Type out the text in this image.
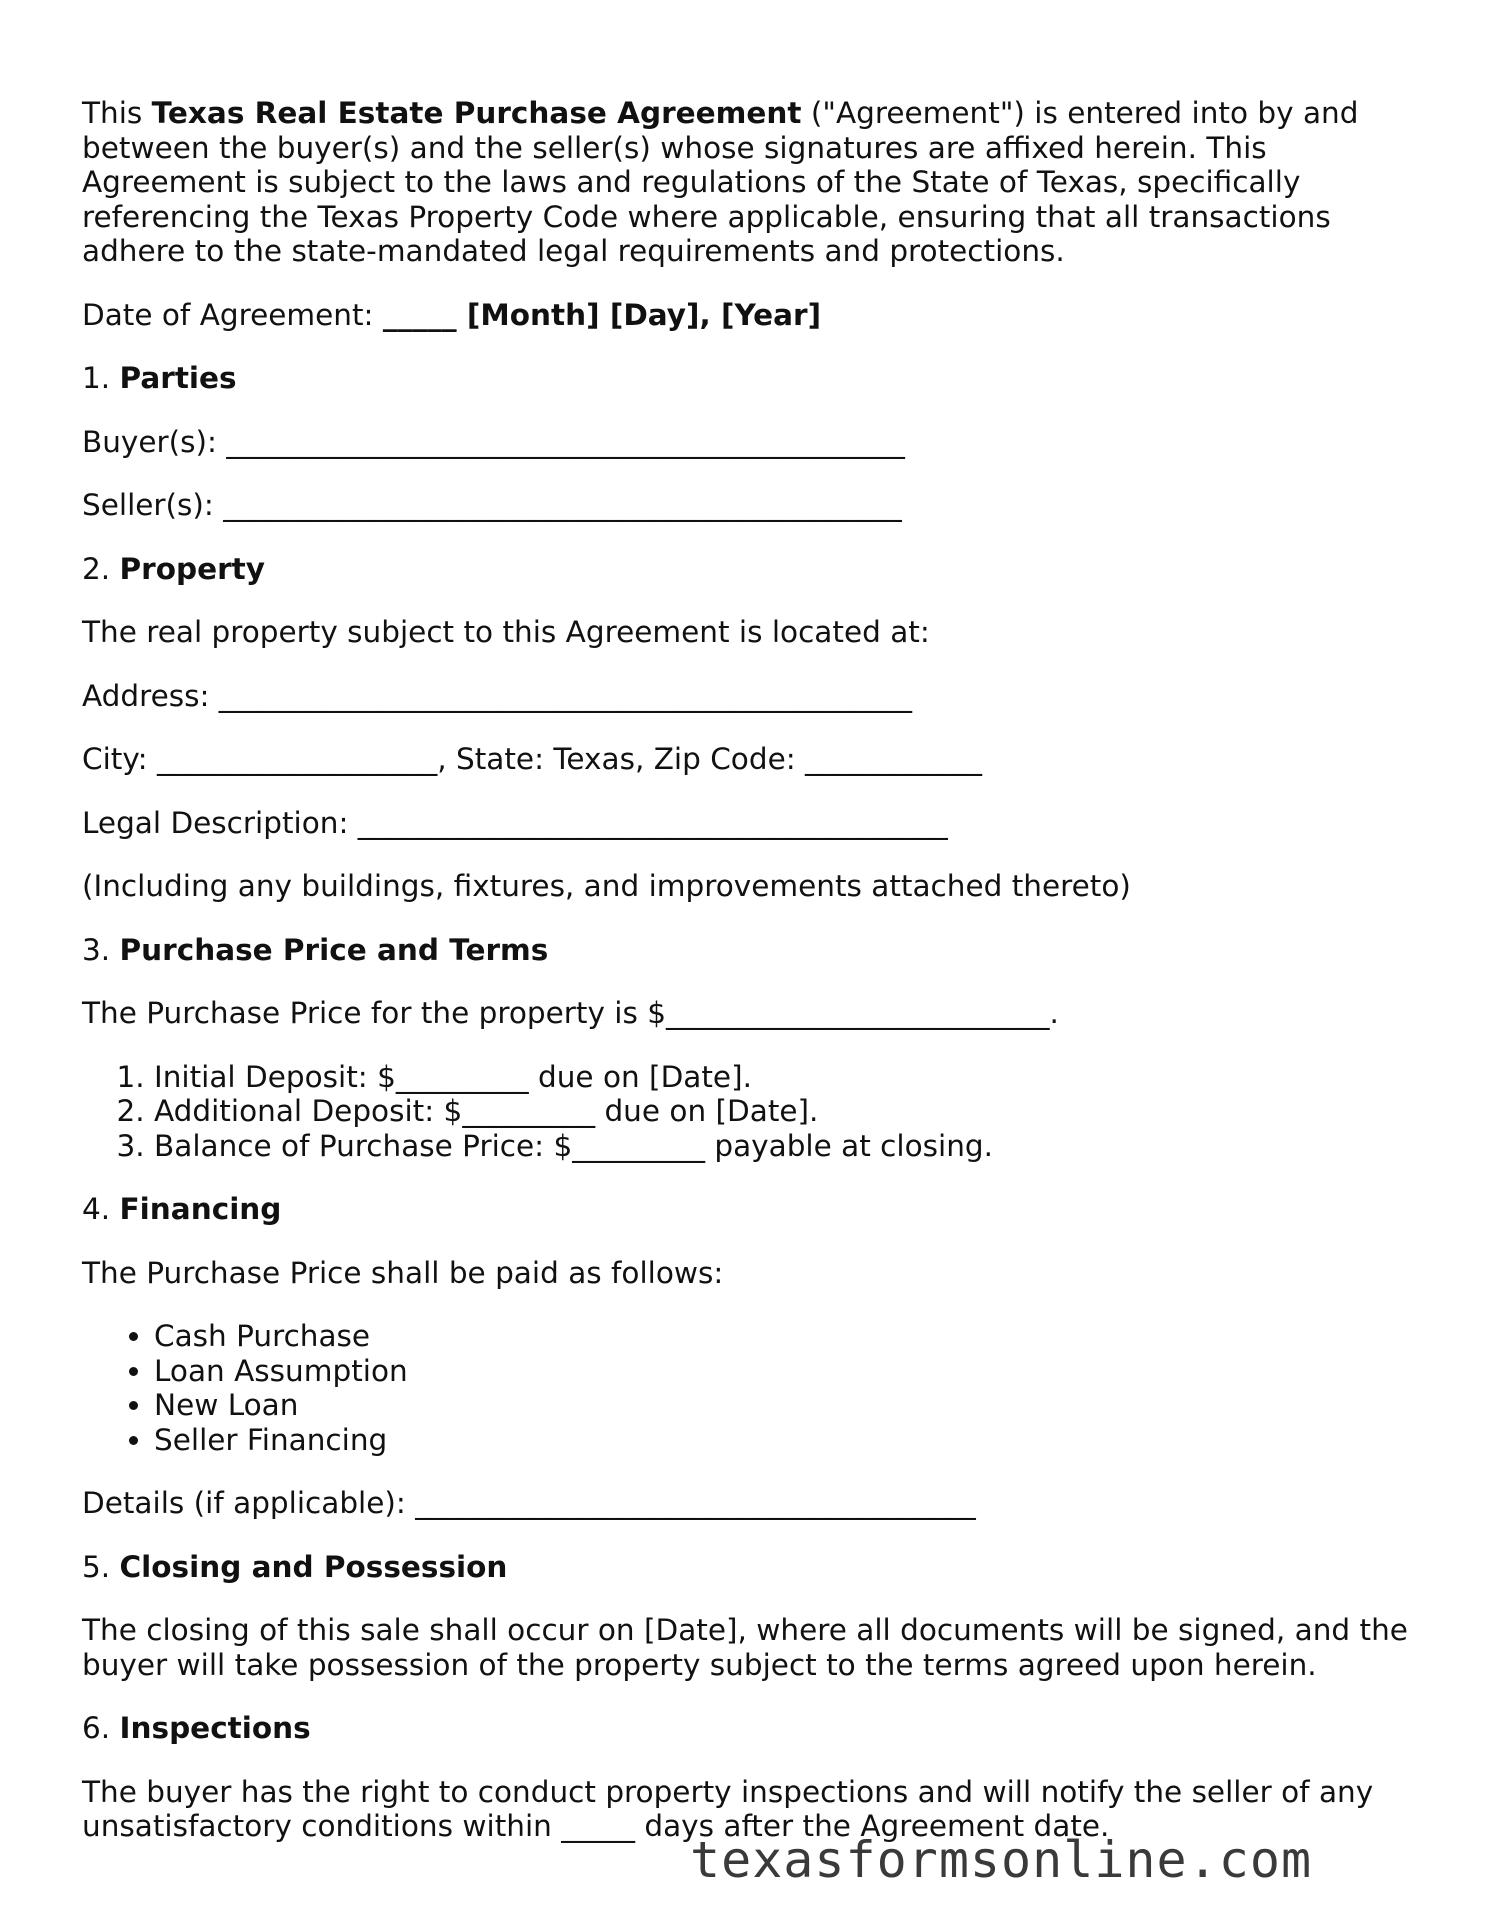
This Texas Real Estate Purchase Agreement ("Agreement") is entered into by and between the buyer(s) and the seller(s) whose signatures are affixed herein. This Agreement is subject to the laws and regulations of the State of Texas, specifically referencing the Texas Property Code where applicable, ensuring that all transactions adhere to the state-mandated legal requirements and protections.

Date of Agreement: _____ [Month] [Day], [Year]

1. Parties

Buyer(s): ______________________________________________

Seller(s): ______________________________________________

2. Property

The real property subject to this Agreement is located at:

Address: _______________________________________________

City: ___________________, State: Texas, Zip Code: ____________

Legal Description: ________________________________________

(Including any buildings, fixtures, and improvements attached thereto)

3. Purchase Price and Terms

The Purchase Price for the property is $__________________________.

1. Initial Deposit: $_________ due on [Date].
2. Additional Deposit: $_________ due on [Date].
3. Balance of Purchase Price: $_________ payable at closing.

4. Financing

The Purchase Price shall be paid as follows:

• Cash Purchase
• Loan Assumption
• New Loan
• Seller Financing

Details (if applicable): ______________________________________

5. Closing and Possession

The closing of this sale shall occur on [Date], where all documents will be signed, and the buyer will take possession of the property subject to the terms agreed upon herein.

6. Inspections

The buyer has the right to conduct property inspections and will notify the seller of any unsatisfactory conditions within _____ days after the Agreement date.

texasformsonline.com
